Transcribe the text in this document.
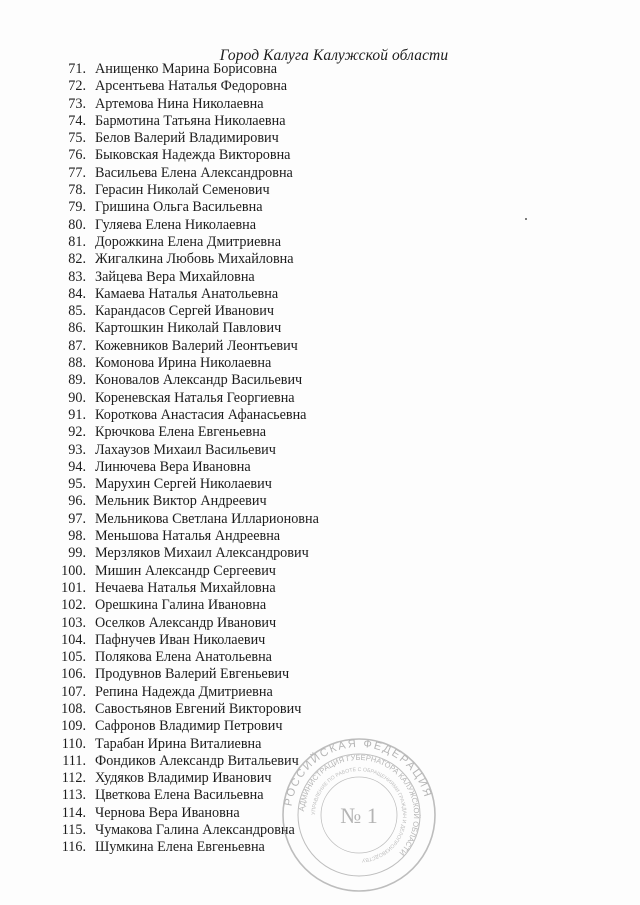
Город Калуга Калужской области
71. Анищенко Марина Борисовна
72. Арсентьева Наталья Федоровна
73. Артемова Нина Николаевна
74. Бармотина Татьяна Николаевна
75. Белов Валерий Владимирович
76. Быковская Надежда Викторовна
77. Васильева Елена Александровна
78. Герасин Николай Семенович
79. Гришина Ольга Васильевна
80. Гуляева Елена Николаевна
81. Дорожкина Елена Дмитриевна
82. Жигалкина Любовь Михайловна
83. Зайцева Вера Михайловна
84. Камаева Наталья Анатольевна
85. Карандасов Сергей Иванович
86. Картошкин Николай Павлович
87. Кожевников Валерий Леонтьевич
88. Комонова Ирина Николаевна
89. Коновалов Александр Васильевич
90. Кореневская Наталья Георгиевна
91. Короткова Анастасия Афанасьевна
92. Крючкова Елена Евгеньевна
93. Лахаузов Михаил Васильевич
94. Линючева Вера Ивановна
95. Марухин Сергей Николаевич
96. Мельник Виктор Андреевич
97. Мельникова Светлана Илларионовна
98. Меньшова Наталья Андреевна
99. Мерзляков Михаил Александрович
100. Мишин Александр Сергеевич
101. Нечаева Наталья Михайловна
102. Орешкина Галина Ивановна
103. Оселков Александр Иванович
104. Пафнучев Иван Николаевич
105. Полякова Елена Анатольевна
106. Продувнов Валерий Евгеньевич
107. Репина Надежда Дмитриевна
108. Савостьянов Евгений Викторович
109. Сафронов Владимир Петрович
110. Тарабан Ирина Виталиевна
111. Фондиков Александр Витальевич
112. Худяков Владимир Иванович
113. Цветкова Елена Васильевна
114. Чернова Вера Ивановна
115. Чумакова Галина Александровна
116. Шумкина Елена Евгеньевна
РОССИЙСКАЯ ФЕДЕРАЦИЯ
АДМИНИСТРАЦИЯ ГУБЕРНАТОРА КАЛУЖСКОЙ ОБЛАСТИ
УПРАВЛЕНИЕ ПО РАБОТЕ С ОБРАЩЕНИЯМИ ГРАЖДАН И ДЕЛОПРОИЗВОДСТВУ
№ 1
